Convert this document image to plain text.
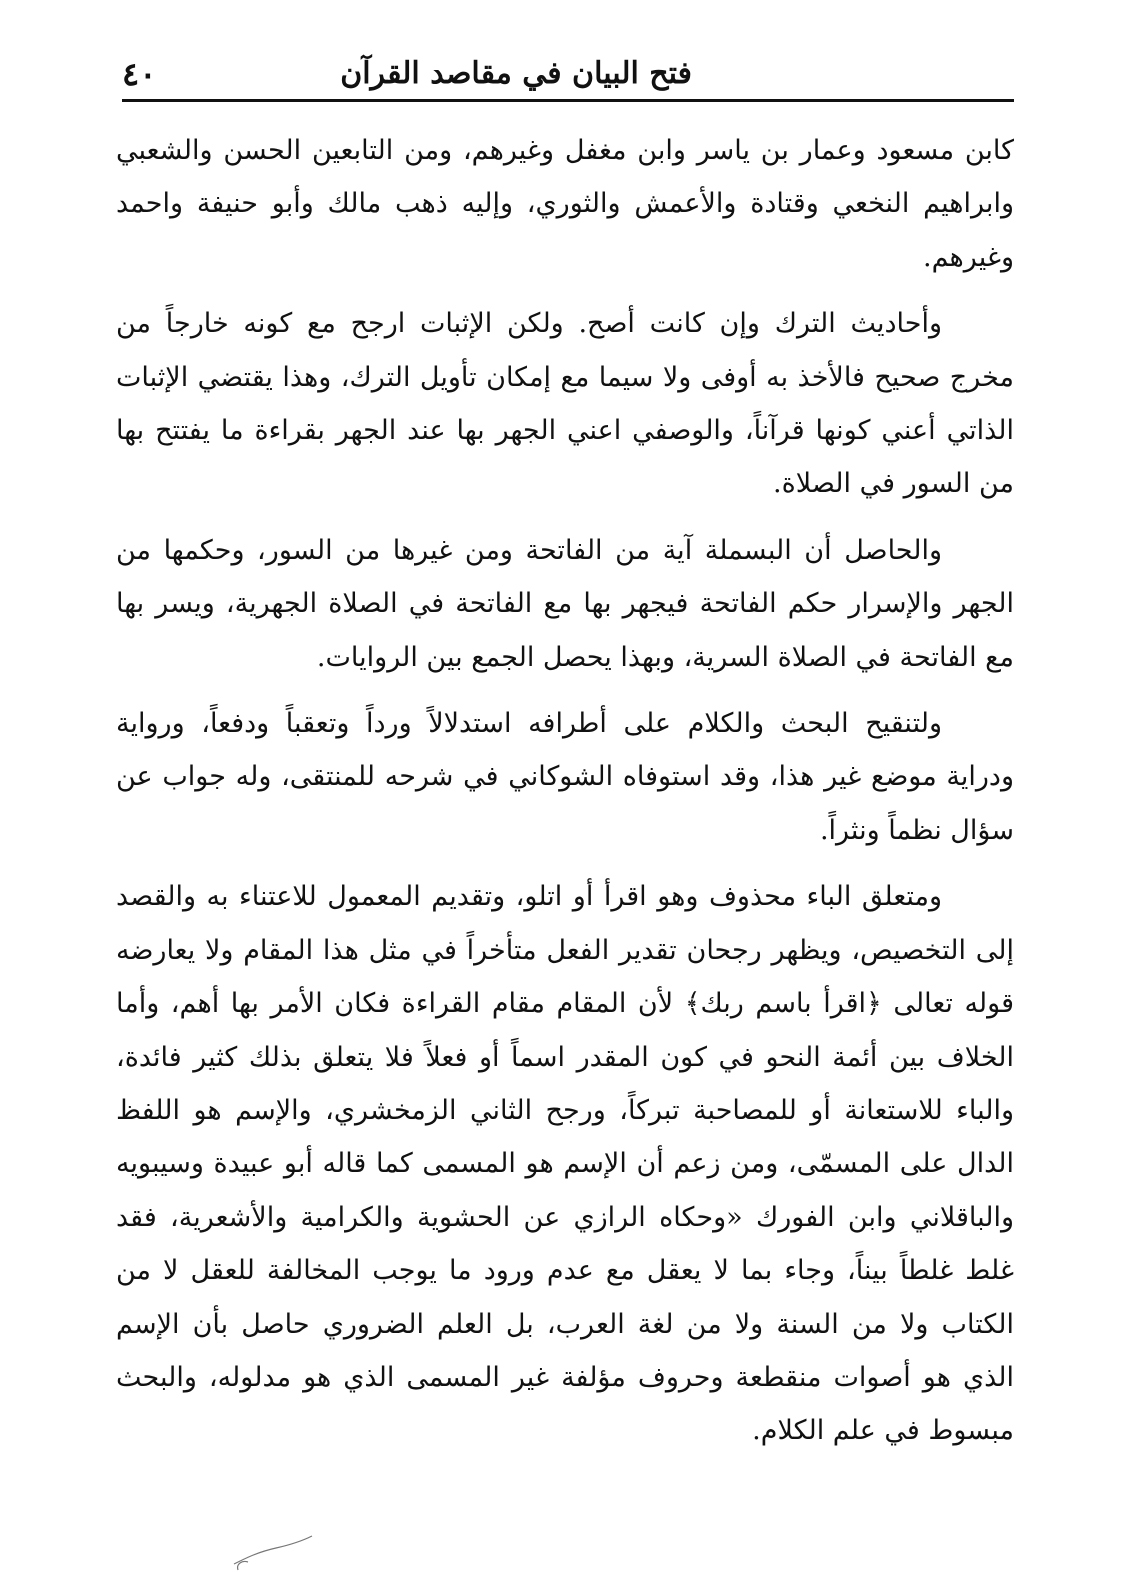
٤٠	فتح البيان في مقاصد القرآن

كابن مسعود وعمار بن ياسر وابن مغفل وغيرهم، ومن التابعين الحسن والشعبي وابراهيم النخعي وقتادة والأعمش والثوري، وإليه ذهب مالك وأبو حنيفة واحمد وغيرهم.

وأحاديث الترك وإن كانت أصح. ولكن الإثبات ارجح مع كونه خارجاً من مخرج صحيح فالأخذ به أوفى ولا سيما مع إمكان تأويل الترك، وهذا يقتضي الإثبات الذاتي أعني كونها قرآناً، والوصفي اعني الجهر بها عند الجهر بقراءة ما يفتتح بها من السور في الصلاة.

والحاصل أن البسملة آية من الفاتحة ومن غيرها من السور، وحكمها من الجهر والإسرار حكم الفاتحة فيجهر بها مع الفاتحة في الصلاة الجهرية، ويسر بها مع الفاتحة في الصلاة السرية، وبهذا يحصل الجمع بين الروايات.

ولتنقيح البحث والكلام على أطرافه استدلالاً ورداً وتعقباً ودفعاً، ورواية ودراية موضع غير هذا، وقد استوفاه الشوكاني في شرحه للمنتقى، وله جواب عن سؤال نظماً ونثراً.

ومتعلق الباء محذوف وهو اقرأ أو اتلو، وتقديم المعمول للاعتناء به والقصد إلى التخصيص، ويظهر رجحان تقدير الفعل متأخراً في مثل هذا المقام ولا يعارضه قوله تعالى ﴿اقرأ باسم ربك﴾ لأن المقام مقام القراءة فكان الأمر بها أهم، وأما الخلاف بين أئمة النحو في كون المقدر اسماً أو فعلاً فلا يتعلق بذلك كثير فائدة، والباء للاستعانة أو للمصاحبة تبركاً، ورجح الثاني الزمخشري، والإسم هو اللفظ الدال على المسمّى، ومن زعم أن الإسم هو المسمى كما قاله أبو عبيدة وسيبويه والباقلاني وابن الفورك «وحكاه الرازي عن الحشوية والكرامية والأشعرية، فقد غلط غلطاً بيناً، وجاء بما لا يعقل مع عدم ورود ما يوجب المخالفة للعقل لا من الكتاب ولا من السنة ولا من لغة العرب، بل العلم الضروري حاصل بأن الإسم الذي هو أصوات منقطعة وحروف مؤلفة غير المسمى الذي هو مدلوله، والبحث مبسوط في علم الكلام.
